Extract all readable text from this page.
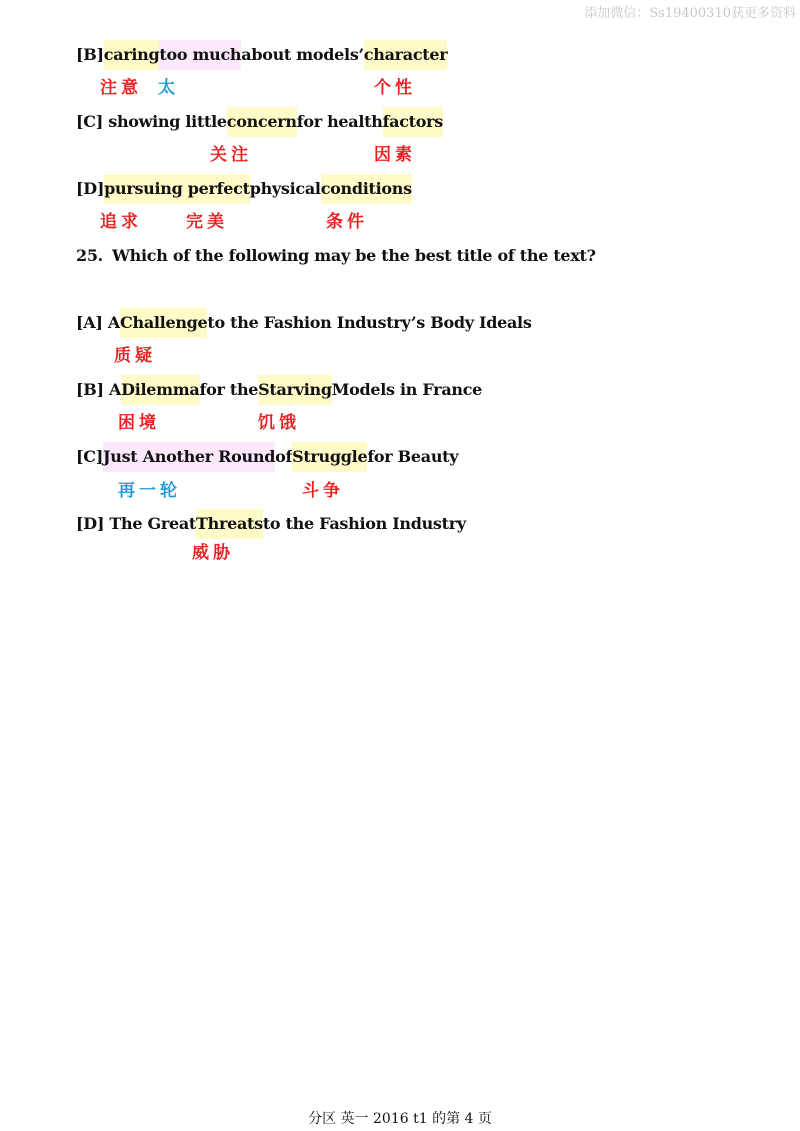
添加微信：Ss19400310获更多资料
[B]caringtoo muchabout models’character
注意 太	个性
[C] showing littleconcernfor healthfactors
关注	因素
[D]pursuing perfectphysicalconditions
追求	完美	条件
25. Which of the following may be the best title of the text?
[A] AChallengeto the Fashion Industry’s Body Ideals
质疑
[B] ADilemmafor theStarvingModels in France
困境	饥饿
[C]Just Another RoundofStrugglefor Beauty
再一轮	斗争
[D] The GreatThreatsto the Fashion Industry
威胁
分区 英一 2016 t1 的第 4 页
